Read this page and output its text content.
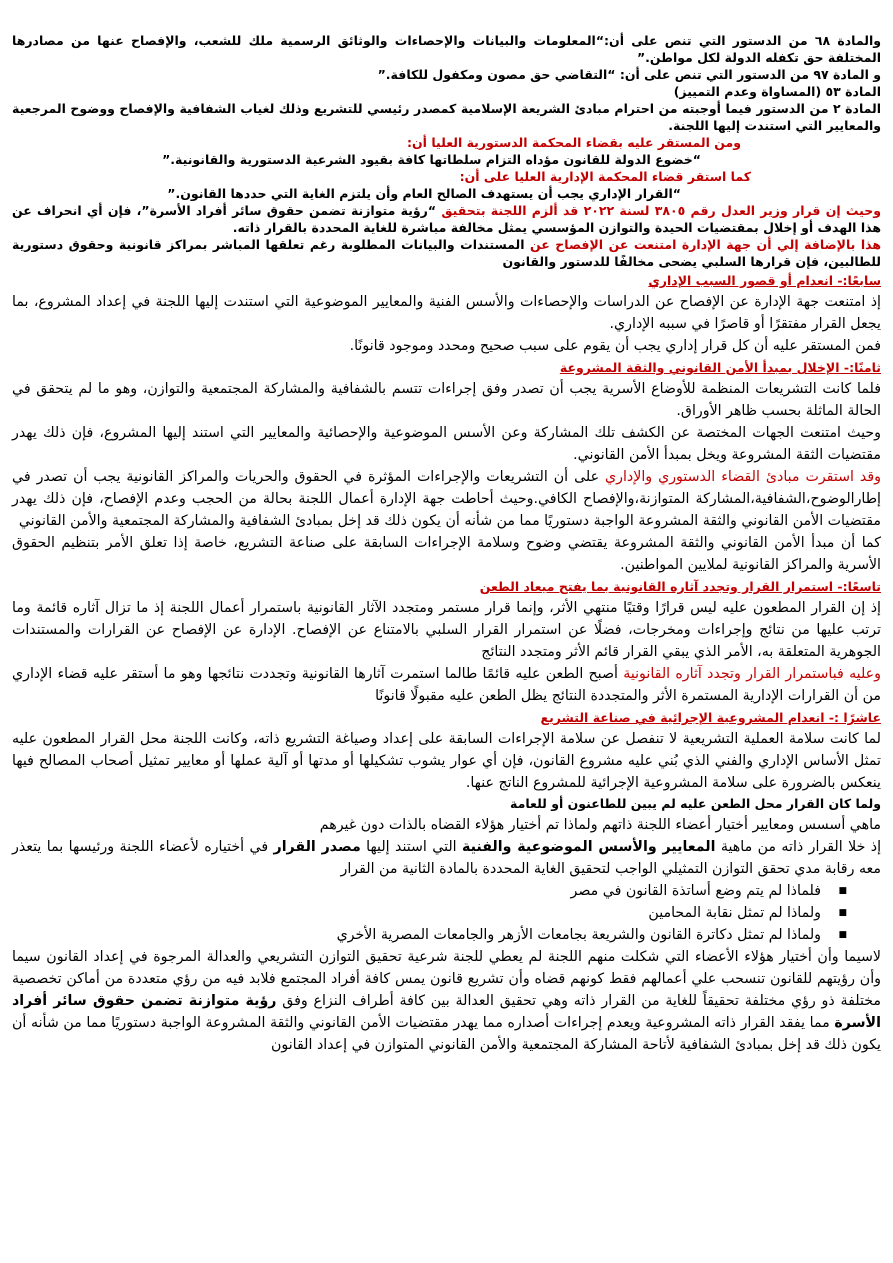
والمادة ٦٨ من الدستور التي تنص على أن:“المعلومات والبيانات والإحصاءات والوثائق الرسمية ملك للشعب، والإفصاح عنها من مصادرها المختلفة حق تكفله الدولة لكل مواطن.”

و المادة ٩٧ من الدستور التي تنص على أن: “التقاضي حق مصون ومكفول للكافة.”

المادة ٥٣ (المساواة وعدم التمييز)

المادة ٢ من الدستور فيما أوجبته من احترام مبادئ الشريعة الإسلامية كمصدر رئيسي للتشريع وذلك لغياب الشفافية والإفصاح ووضوح المرجعية والمعايير التي استندت إليها اللجنة.

ومن المستقر عليه بقضاء المحكمة الدستورية العليا أن:

“خضوع الدولة للقانون مؤداه التزام سلطاتها كافة بقيود الشرعية الدستورية والقانونية.”

كما استقر قضاء المحكمة الإدارية العليا على أن:

“القرار الإداري يجب أن يستهدف الصالح العام وأن يلتزم الغاية التي حددها القانون.”

وحيث إن قرار وزير العدل رقم ٣٨٠٥ لسنة ٢٠٢٢ قد ألزم اللجنة بتحقيق “رؤية متوازنة تضمن حقوق سائر أفراد الأسرة”، فإن أي انحراف عن هذا الهدف أو إخلال بمقتضيات الحيدة والتوازن المؤسسي يمثل مخالفة مباشرة للغاية المحددة بالقرار ذاته.

هذا بالإضافة إلي أن جهة الإدارة امتنعت عن الإفصاح عن المستندات والبيانات المطلوبة رغم تعلقها المباشر بمراكز قانونية وحقوق دستورية للطالبين، فإن قرارها السلبي يضحى مخالفًا للدستور والقانون

سابعًا:- انعدام أو قصور السبب الإداري

إذ امتنعت جهة الإدارة عن الإفصاح عن الدراسات والإحصاءات والأسس الفنية والمعايير الموضوعية التي استندت إليها اللجنة في إعداد المشروع، بما يجعل القرار مفتقرًا أو قاصرًا في سببه الإداري.

فمن المستقر عليه أن كل قرار إداري يجب أن يقوم على سبب صحيح ومحدد وموجود قانونًا.

ثامنًا:- الإخلال بمبدأ الأمن القانوني والثقة المشروعة

فلما كانت التشريعات المنظمة للأوضاع الأسرية يجب أن تصدر وفق إجراءات تتسم بالشفافية والمشاركة المجتمعية والتوازن، وهو ما لم يتحقق في الحالة الماثلة بحسب ظاهر الأوراق.

وحيث امتنعت الجهات المختصة عن الكشف تلك المشاركة وعن الأسس الموضوعية والإحصائية والمعايير التي استند إليها المشروع، فإن ذلك يهدر مقتضيات الثقة المشروعة ويخل بمبدأ الأمن القانوني.

وقد استقرت مبادئ القضاء الدستوري والإداري على أن التشريعات والإجراءات المؤثرة في الحقوق والحريات والمراكز القانونية يجب أن تصدر في إطارالوضوح،الشفافية،المشاركة المتوازنة،والإفصاح الكافي.وحيث أحاطت جهة الإدارة أعمال اللجنة بحالة من الحجب وعدم الإفصاح، فإن ذلك يهدر مقتضيات الأمن القانوني والثقة المشروعة الواجبة دستوريًا مما من شأنه أن يكون ذلك قد إخل بمبادئ الشفافية والمشاركة المجتمعية والأمن القانوني

كما أن مبدأ الأمن القانوني والثقة المشروعة يقتضي وضوح وسلامة الإجراءات السابقة على صناعة التشريع، خاصة إذا تعلق الأمر بتنظيم الحقوق الأسرية والمراكز القانونية لملايين المواطنين.

تاسعًا:- استمرار القرار وتجدد آثاره القانونية بما يفتح ميعاد الطعن

إذ إن القرار المطعون عليه ليس قرارًا وقتيًا منتهي الأثر، وإنما قرار مستمر ومتجدد الآثار القانونية باستمرار أعمال اللجنة إذ ما تزال آثاره قائمة وما ترتب عليها من نتائج وإجراءات ومخرجات، فضلًا عن استمرار القرار السلبي بالامتناع عن الإفصاح. الإدارة عن الإفصاح عن القرارات والمستندات الجوهرية المتعلقة به، الأمر الذي يبقي القرار قائم الأثر ومتجدد النتائج

وعليه فباستمرار القرار وتجدد آثاره القانونية أصبح الطعن عليه قائمًا طالما استمرت آثارها القانونية وتجددت نتائجها وهو ما أستقر عليه قضاء الإداري من أن القرارات الإدارية المستمرة الأثر والمتجددة النتائج يظل الطعن عليه مقبولًا قانونًا

عاشرًا :- انعدام المشروعية الإجرائية في صناعة التشريع

لما كانت سلامة العملية التشريعية لا تنفصل عن سلامة الإجراءات السابقة على إعداد وصياغة التشريع ذاته، وكانت اللجنة محل القرار المطعون عليه تمثل الأساس الإداري والفني الذي بُني عليه مشروع القانون، فإن أي عوار يشوب تشكيلها أو مدتها أو آلية عملها أو معايير تمثيل أصحاب المصالح فيها ينعكس بالضرورة على سلامة المشروعية الإجرائية للمشروع الناتج عنها.

ولما كان القرار محل الطعن عليه لم يبين للطاعنون أو للعامة

ماهي أسسس ومعايير أختيار أعضاء اللجنة ذاتهم ولماذا تم أختيار هؤلاء القضاه بالذات دون غيرهم

إذ خلا القرار ذاته من ماهية المعايير والأسس الموضوعية والفنية التي استند إليها مصدر القرار في أختياره لأعضاء اللجنة ورئيسها بما يتعذر معه رقابة مدي تحقق التوازن التمثيلي الواجب لتحقيق الغاية المحددة بالمادة الثانية من القرار

■ فلماذا لم يتم وضع أساتذة القانون في مصر
■ ولماذا لم تمثل نقابة المحامين
■ ولماذا لم تمثل دكاترة القانون والشريعة بجامعات الأزهر والجامعات المصرية الأخري

لاسيما وأن أختيار هؤلاء الأعضاء التي شكلت منهم اللجنة لم يعطي للجنة شرعية تحقيق التوازن التشريعي والعدالة المرجوة في إعداد القانون سيما وأن رؤيتهم للقانون تنسحب علي أعمالهم فقط كونهم قضاه وأن تشريع قانون يمس كافة أفراد المجتمع فلابد فيه من رؤي متعددة من أماكن تخصصية مختلفة ذو رؤي مختلفة تحقيقاً للغاية من القرار ذاته وهي تحقيق العدالة بين كافة أطراف النزاع وفق رؤية متوازنة تضمن حقوق سائر أفراد الأسرة مما يفقد القرار ذاته المشروعية ويعدم إجراءات أصداره مما يهدر مقتضيات الأمن القانوني والثقة المشروعة الواجبة دستوريًا مما من شأنه أن يكون ذلك قد إخل بمبادئ الشفافية لأتاحة المشاركة المجتمعية والأمن القانوني المتوازن في إعداد القانون
